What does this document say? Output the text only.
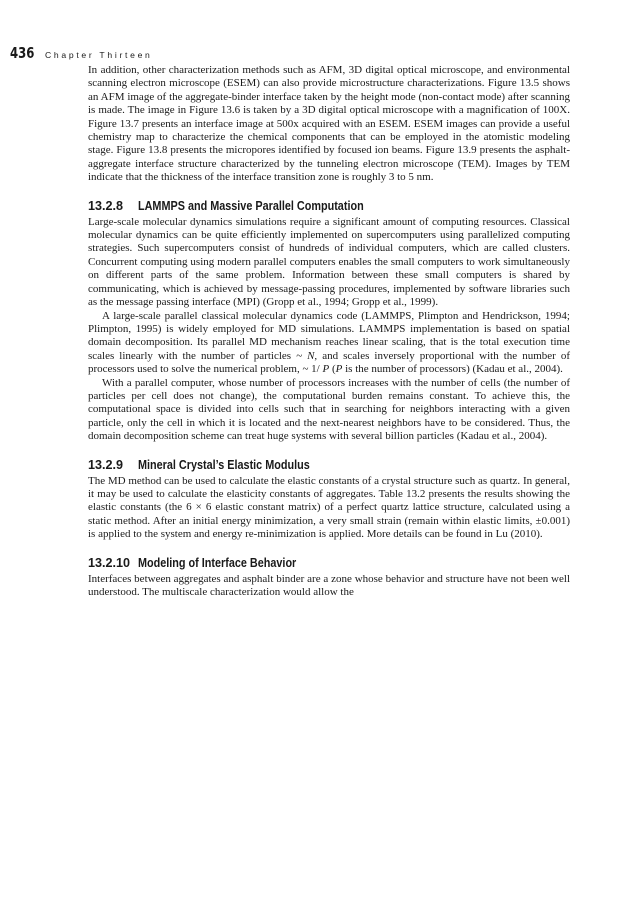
436 Chapter Thirteen

In addition, other characterization methods such as AFM, 3D digital optical microscope, and environmental scanning electron microscope (ESEM) can also provide microstructure characterizations. Figure 13.5 shows an AFM image of the aggregate-binder interface taken by the height mode (non-contact mode) after scanning is made. The image in Figure 13.6 is taken by a 3D digital optical microscope with a magnification of 100X. Figure 13.7 presents an interface image at 500x acquired with an ESEM. ESEM images can provide a useful chemistry map to characterize the chemical components that can be employed in the atomistic modeling stage. Figure 13.8 presents the micropores identified by focused ion beams. Figure 13.9 presents the asphalt-aggregate interface structure characterized by the tunneling electron microscope (TEM). Images by TEM indicate that the thickness of the interface transition zone is roughly 3 to 5 nm.

13.2.8 LAMMPS and Massive Parallel Computation

Large-scale molecular dynamics simulations require a significant amount of computing resources. Classical molecular dynamics can be quite efficiently implemented on supercomputers using parallelized computing strategies. Such supercomputers consist of hundreds of individual computers, which are called clusters. Concurrent computing using modern parallel computers enables the small computers to work simultaneously on different parts of the same problem. Information between these small computers is shared by communicating, which is achieved by message-passing procedures, implemented by software libraries such as the message passing interface (MPI) (Gropp et al., 1994; Gropp et al., 1999).

A large-scale parallel classical molecular dynamics code (LAMMPS, Plimpton and Hendrickson, 1994; Plimpton, 1995) is widely employed for MD simulations. LAMMPS implementation is based on spatial domain decomposition. Its parallel MD mechanism reaches linear scaling, that is the total execution time scales linearly with the number of particles ~ N, and scales inversely proportional with the number of processors used to solve the numerical problem, ~ 1/ P (P is the number of processors) (Kadau et al., 2004).

With a parallel computer, whose number of processors increases with the number of cells (the number of particles per cell does not change), the computational burden remains constant. To achieve this, the computational space is divided into cells such that in searching for neighbors interacting with a given particle, only the cell in which it is located and the next-nearest neighbors have to be considered. Thus, the domain decomposition scheme can treat huge systems with several billion particles (Kadau et al., 2004).

13.2.9 Mineral Crystal’s Elastic Modulus

The MD method can be used to calculate the elastic constants of a crystal structure such as quartz. In general, it may be used to calculate the elasticity constants of aggregates. Table 13.2 presents the results showing the elastic constants (the 6 × 6 elastic constant matrix) of a perfect quartz lattice structure, calculated using a static method. After an initial energy minimization, a very small strain (remain within elastic limits, ±0.001) is applied to the system and energy re-minimization is applied. More details can be found in Lu (2010).

13.2.10 Modeling of Interface Behavior

Interfaces between aggregates and asphalt binder are a zone whose behavior and structure have not been well understood. The multiscale characterization would allow the
